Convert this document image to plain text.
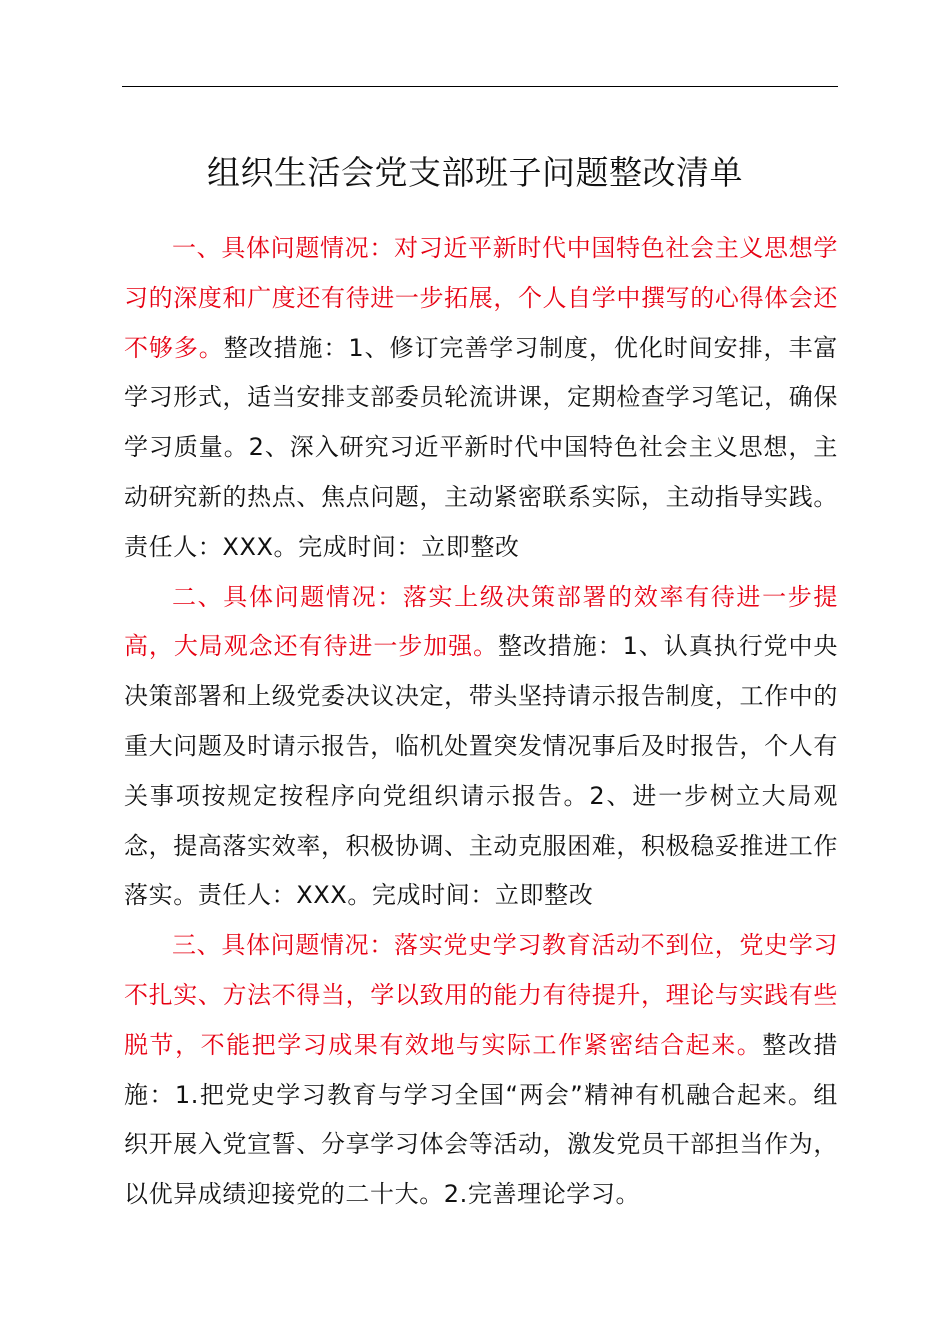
组织生活会党支部班子问题整改清单

一、具体问题情况：对习近平新时代中国特色社会主义思想学习的深度和广度还有待进一步拓展，个人自学中撰写的心得体会还不够多。整改措施：1、修订完善学习制度，优化时间安排，丰富学习形式，适当安排支部委员轮流讲课，定期检查学习笔记，确保学习质量。2、深入研究习近平新时代中国特色社会主义思想，主动研究新的热点、焦点问题，主动紧密联系实际，主动指导实践。责任人：XXX。完成时间：立即整改

二、具体问题情况：落实上级决策部署的效率有待进一步提高，大局观念还有待进一步加强。整改措施：1、认真执行党中央决策部署和上级党委决议决定，带头坚持请示报告制度，工作中的重大问题及时请示报告，临机处置突发情况事后及时报告，个人有关事项按规定按程序向党组织请示报告。2、进一步树立大局观念，提高落实效率，积极协调、主动克服困难，积极稳妥推进工作落实。责任人：XXX。完成时间：立即整改

三、具体问题情况：落实党史学习教育活动不到位，党史学习不扎实、方法不得当，学以致用的能力有待提升，理论与实践有些脱节，不能把学习成果有效地与实际工作紧密结合起来。整改措施：1.把党史学习教育与学习全国“两会”精神有机融合起来。组织开展入党宣誓、分享学习体会等活动，激发党员干部担当作为，以优异成绩迎接党的二十大。2.完善理论学习。
